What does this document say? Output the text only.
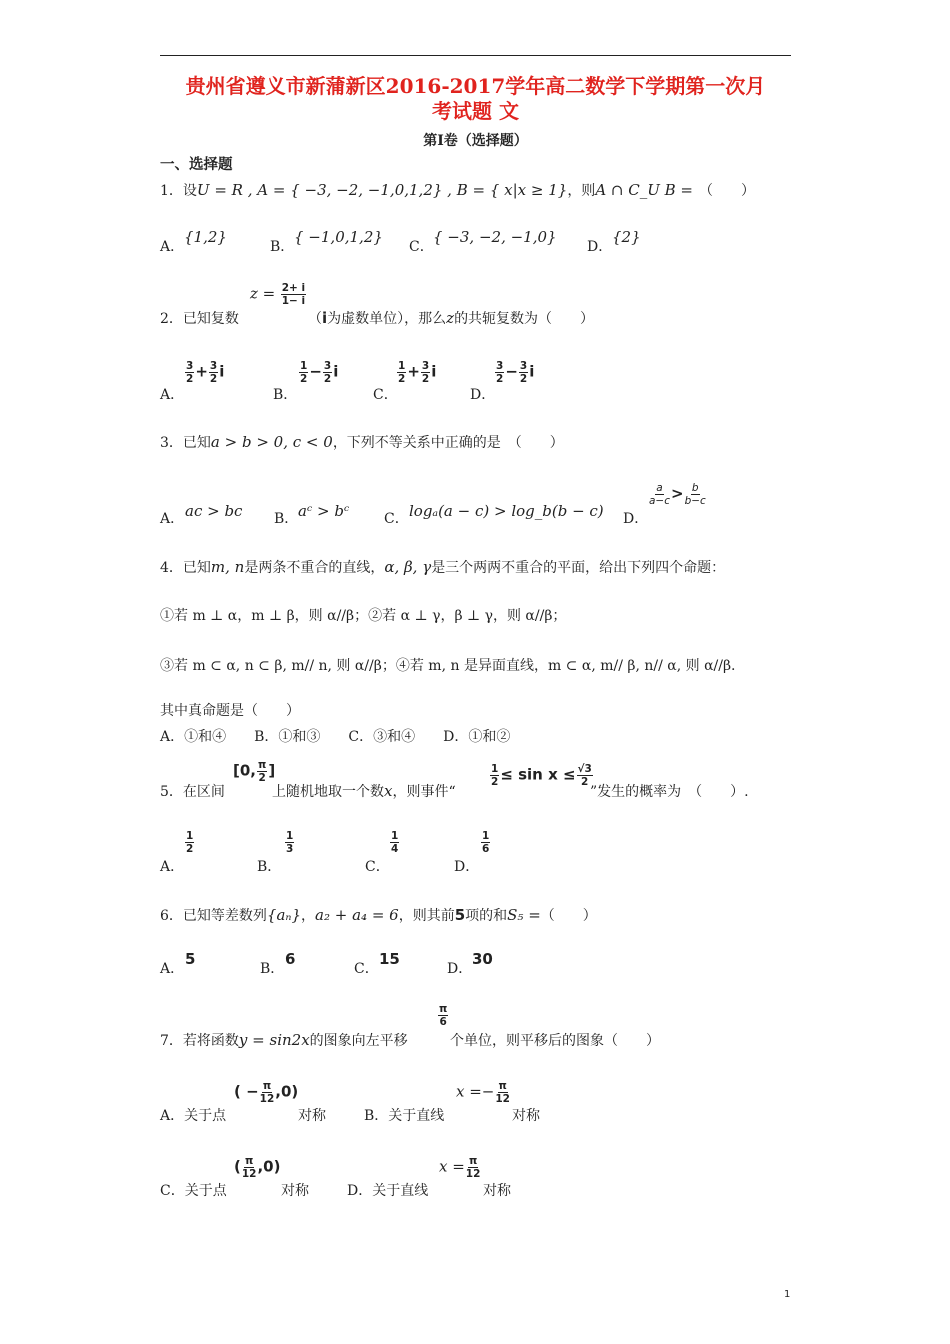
贵州省遵义市新蒲新区2016-2017学年高二数学下学期第一次月
考试题 文
第Ⅰ卷（选择题）
一、选择题
1．设U = R , A = { −3, −2, −1,0,1,2} , B = { x|x ≥ 1}，则A ∩ C_U B = （　　）
A．
{1,2}
B．
{ −1,0,1,2}
C．
{ −3, −2, −1,0}
D．
{2}
2．已知复数
$z = \frac{2+ i}{1- i}$
（i为虚数单位），那么z的共轭复数为（　　）
A．
$\frac{3}{2} + \frac{3}{2}$ i
B．
$\frac{1}{2} - \frac{3}{2}$ i
C．
$\frac{1}{2} + \frac{3}{2}$ i
D．
$\frac{3}{2} - \frac{3}{2}$ i
3．已知a > b > 0, c < 0，下列不等关系中正确的是　（　　）
A． ac > bc B． aᶜ > bᶜ C． logₐ(a − c) > log_b(b − c) D．
$\frac{a}{a-c} > \frac{b}{b-c}$
4．已知m, n是两条不重合的直线，α, β, γ是三个两两不重合的平面，给出下列四个命题：
①若 m ⊥ α，m ⊥ β，则 α//β；②若 α ⊥ γ，β ⊥ γ，则 α//β；
③若 m ⊂ α, n ⊂ β, m// n, 则 α//β；④若 m, n 是异面直线，m ⊂ α, m// β, n// α, 则 α//β.
其中真命题是（　　）
A．①和④　　B．①和③　　C．③和④　　D．①和②
5．在区间
[0, $\frac{\pi}{2}$ ]
上随机地取一个数x，则事件“
$\frac{1}{2} \le \sin x \le \frac{√3}{2}$
”发生的概率为　（　　）.
A．
$\frac{1}{2}$
B．
$\frac{1}{3}$
C．
$\frac{1}{4}$
D．
$\frac{1}{6}$
6．已知等差数列{aₙ}，a₂ + a₄ = 6，则其前5项的和S₅ =（　　）
A．
5
B．
6
C．
15
D．
30
7．若将函数y = sin2x的图象向左平移
$\frac{\pi}{6}$
个单位，则平移后的图象（　　）
A．关于点
( − $\frac{\pi}{12} ,0$)
对称	B．关于直线
$x =- \frac{\pi}{12}$
对称
C．关于点
( $\frac{\pi}{12} ,0$)
对称	D．关于直线
$x = \frac{\pi}{12}$
对称
1
